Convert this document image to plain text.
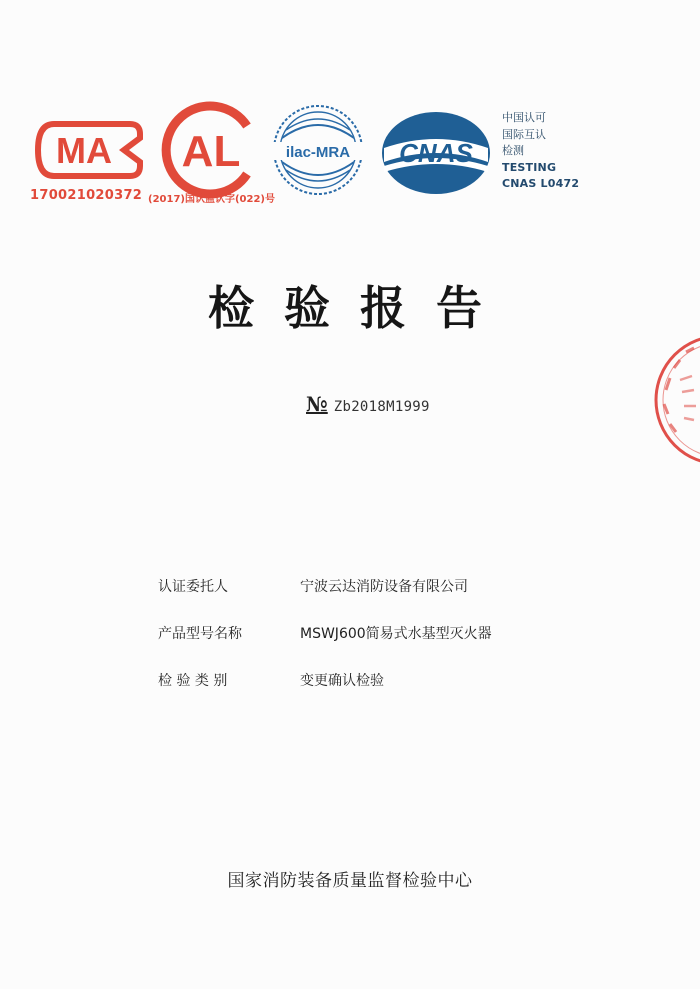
MA
170021020372
AL
(2017)国认监认字(022)号
ilac-MRA CNAS
中国认可
国际互认
检测
TESTING
CNAS L0472
检验报告
№ Zb2018M1999
认证委托人	宁波云达消防设备有限公司
产品型号名称	MSWJ600简易式水基型灭火器
检 验 类 别	变更确认检验
国家消防装备质量监督检验中心
